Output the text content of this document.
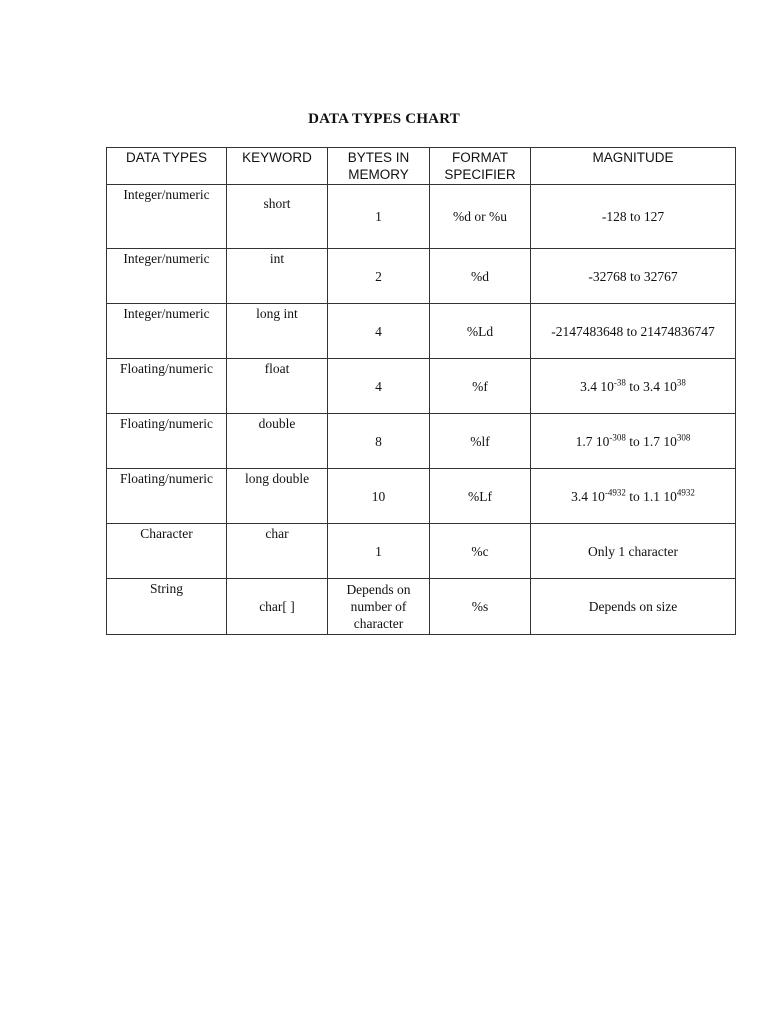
DATA TYPES CHART
DATA TYPES	KEYWORD	BYTES IN MEMORY	FORMAT SPECIFIER	MAGNITUDE
Integer/numeric	short	1	%d or %u	-128 to 127
Integer/numeric	int	2	%d	-32768 to 32767
Integer/numeric	long int	4	%Ld	-2147483648 to 21474836747
Floating/numeric	float	4	%f	3.4 $10^{-38}$ to 3.4 $10^{38}$
Floating/numeric	double	8	%lf	1.7 $10^{-308}$ to 1.7 $10^{308}$
Floating/numeric	long double	10	%Lf	3.4 $10^{-4932}$ to 1.1 $10^{4932}$
Character	char	1	%c	Only 1 character
String	char[ ]	Depends on number of character	%s	Depends on size
